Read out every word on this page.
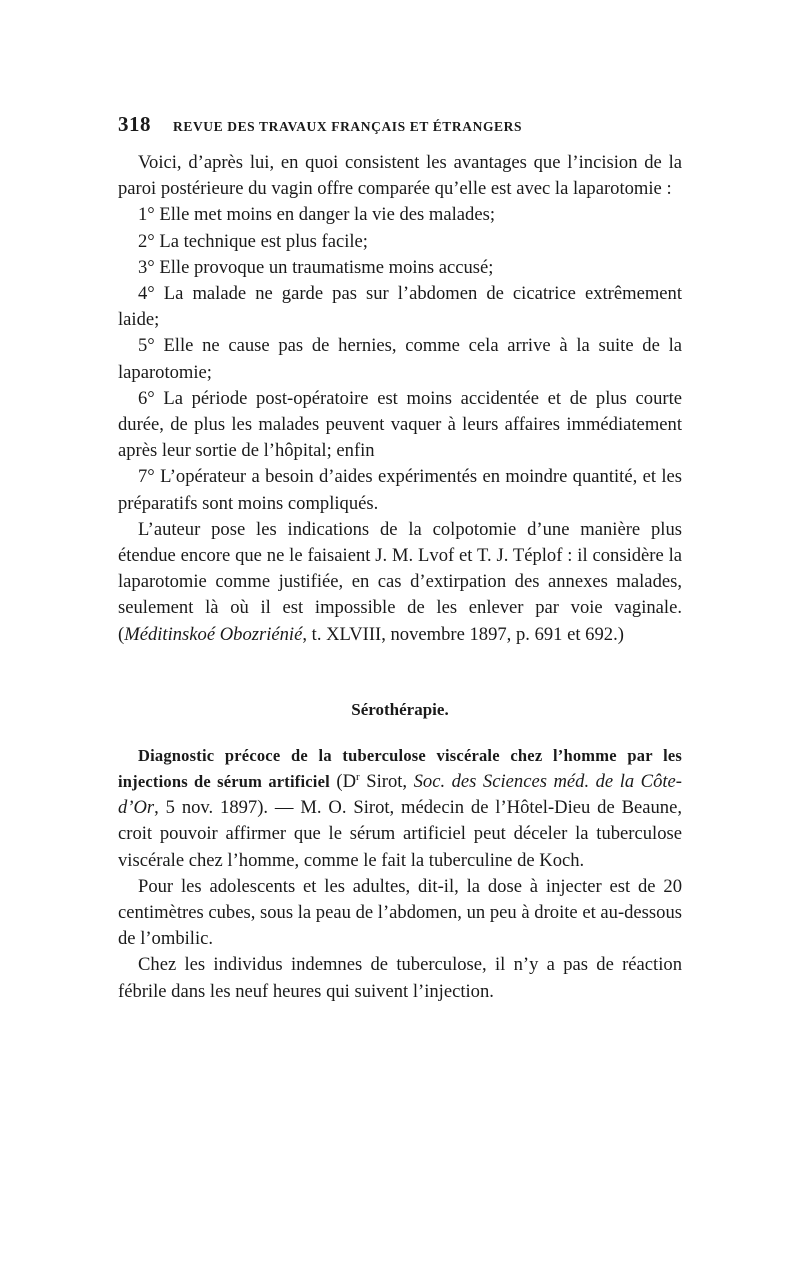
318 REVUE DES TRAVAUX FRANÇAIS ET ÉTRANGERS

Voici, d’après lui, en quoi consistent les avantages que l’incision de la paroi postérieure du vagin offre comparée qu’elle est avec la laparotomie :

1° Elle met moins en danger la vie des malades;

2° La technique est plus facile;

3° Elle provoque un traumatisme moins accusé;

4° La malade ne garde pas sur l’abdomen de cicatrice extrêmement laide;

5° Elle ne cause pas de hernies, comme cela arrive à la suite de la laparotomie;

6° La période post-opératoire est moins accidentée et de plus courte durée, de plus les malades peuvent vaquer à leurs affaires immédiatement après leur sortie de l’hôpital; enfin

7° L’opérateur a besoin d’aides expérimentés en moindre quantité, et les préparatifs sont moins compliqués.

L’auteur pose les indications de la colpotomie d’une manière plus étendue encore que ne le faisaient J. M. Lvof et T. J. Téplof : il considère la laparotomie comme justifiée, en cas d’extirpation des annexes malades, seulement là où il est impossible de les enlever par voie vaginale. (Méditinskoé Obozriénié, t. XLVIII, novembre 1897, p. 691 et 692.)

Sérothérapie.

Diagnostic précoce de la tuberculose viscérale chez l’homme par les injections de sérum artificiel ($D^r$ Sirot, Soc. des Sciences méd. de la Côte-d’Or, 5 nov. 1897). — M. O. Sirot, médecin de l’Hôtel-Dieu de Beaune, croit pouvoir affirmer que le sérum artificiel peut déceler la tuberculose viscérale chez l’homme, comme le fait la tuberculine de Koch.

Pour les adolescents et les adultes, dit-il, la dose à injecter est de 20 centimètres cubes, sous la peau de l’abdomen, un peu à droite et au-dessous de l’ombilic.

Chez les individus indemnes de tuberculose, il n’y a pas de réaction fébrile dans les neuf heures qui suivent l’injection.
